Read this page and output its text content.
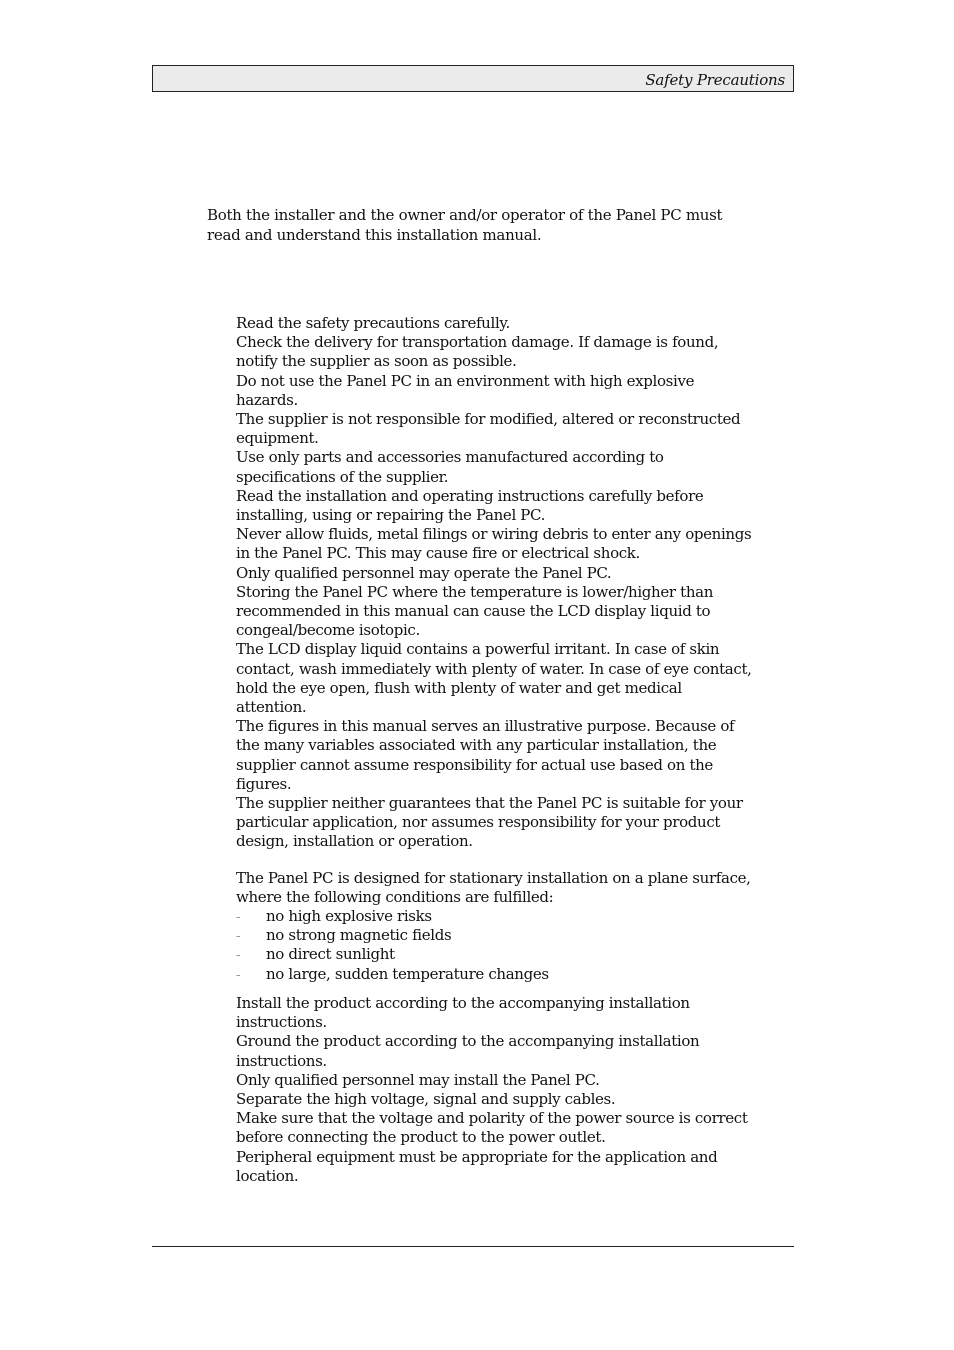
Safety Precautions
Both the installer and the owner and/or operator of the Panel PC must read and understand this installation manual.

Read the safety precautions carefully.

Check the delivery for transportation damage. If damage is found, notify the supplier as soon as possible.

Do not use the Panel PC in an environment with high explosive hazards.

The supplier is not responsible for modified, altered or reconstructed equipment.

Use only parts and accessories manufactured according to specifications of the supplier.

Read the installation and operating instructions carefully before installing, using or repairing the Panel PC.

Never allow fluids, metal filings or wiring debris to enter any openings in the Panel PC. This may cause fire or electrical shock.

Only qualified personnel may operate the Panel PC.

Storing the Panel PC where the temperature is lower/higher than recommended in this manual can cause the LCD display liquid to congeal/become isotopic.

The LCD display liquid contains a powerful irritant. In case of skin contact, wash immediately with plenty of water. In case of eye contact, hold the eye open, flush with plenty of water and get medical attention.

The figures in this manual serves an illustrative purpose. Because of the many variables associated with any particular installation, the supplier cannot assume responsibility for actual use based on the figures.

The supplier neither guarantees that the Panel PC is suitable for your particular application, nor assumes responsibility for your product design, installation or operation.

The Panel PC is designed for stationary installation on a plane surface, where the following conditions are fulfilled:

– no high explosive risks
– no strong magnetic fields
– no direct sunlight
– no large, sudden temperature changes

Install the product according to the accompanying installation instructions.

Ground the product according to the accompanying installation instructions.

Only qualified personnel may install the Panel PC.

Separate the high voltage, signal and supply cables.

Make sure that the voltage and polarity of the power source is correct before connecting the product to the power outlet.

Peripheral equipment must be appropriate for the application and location.
